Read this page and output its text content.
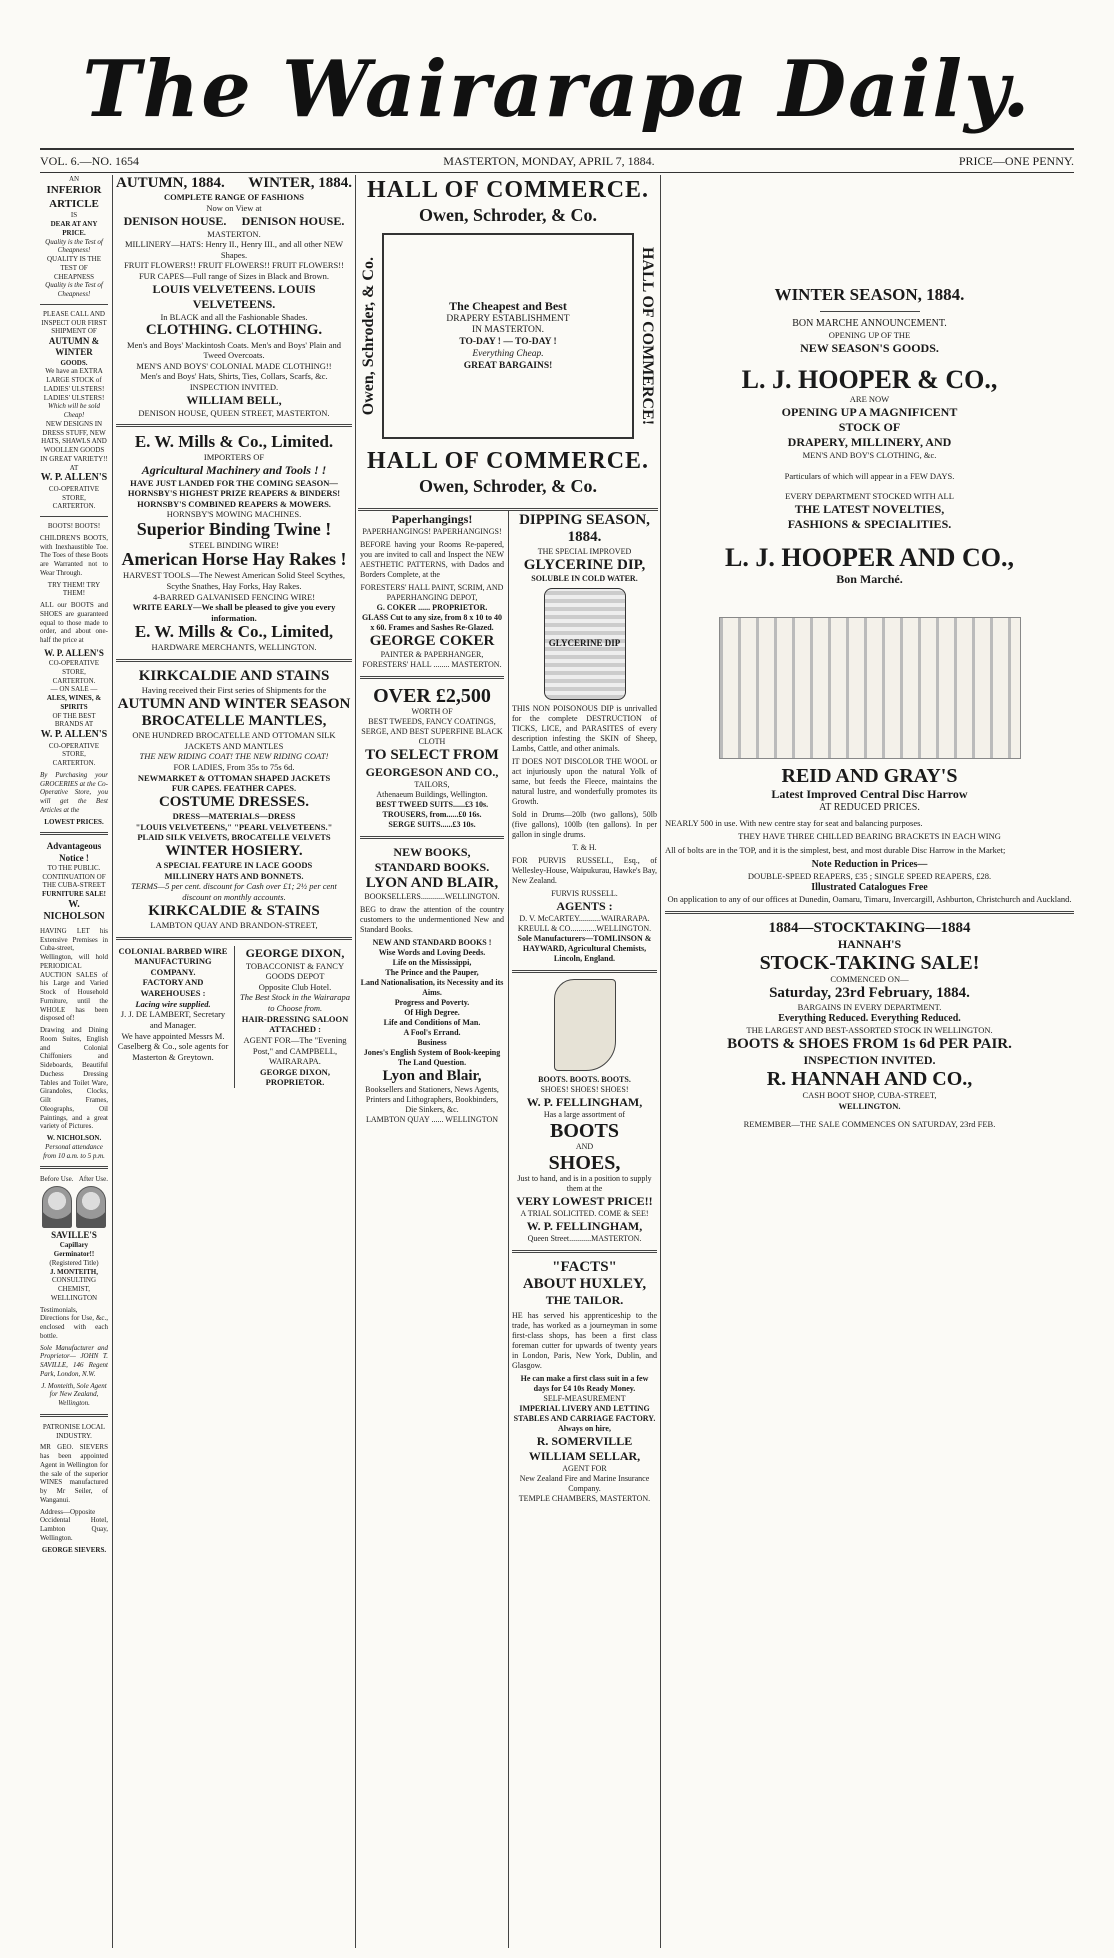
The Wairarapa Daily.
VOL. 6.—NO. 1654	MASTERTON, MONDAY, APRIL 7, 1884.	PRICE—ONE PENNY.
AN
INFERIOR
ARTICLE
IS
DEAR AT ANY PRICE.
Quality is the Test of Cheapness!
QUALITY IS THE TEST OF CHEAPNESS
Quality is the Test of Cheapness!
PLEASE CALL AND INSPECT OUR FIRST SHIPMENT OF
AUTUMN & WINTER
GOODS.
We have an EXTRA LARGE STOCK of LADIES' ULSTERS! LADIES' ULSTERS!
Which will be sold Cheap!
NEW DESIGNS IN DRESS STUFF, NEW HATS, SHAWLS AND WOOLLEN GOODS
IN GREAT VARIETY!! AT
W. P. ALLEN'S
CO-OPERATIVE STORE, CARTERTON.
BOOTS! BOOTS!
CHILDREN'S BOOTS, with Inexhaustible Toe. The Toes of these Boots are Warranted not to Wear Through.
TRY THEM! TRY THEM!
ALL our BOOTS and SHOES are guaranteed equal to those made to order, and about one-half the price at
W. P. ALLEN'S
CO-OPERATIVE STORE, CARTERTON.
— ON SALE —
ALES, WINES, & SPIRITS
OF THE BEST BRANDS AT
W. P. ALLEN'S
CO-OPERATIVE STORE, CARTERTON.
By Purchasing your GROCERIES at the Co-Operative Store, you will get the Best Articles at the
LOWEST PRICES.
Advantageous Notice !
TO THE PUBLIC.
CONTINUATION OF THE CUBA-STREET
FURNITURE SALE!
W. NICHOLSON
HAVING LET his Extensive Premises in Cuba-street, Wellington, will hold PERIODICAL AUCTION SALES of his Large and Varied Stock of Household Furniture, until the WHOLE has been disposed of!
Drawing and Dining Room Suites, English and Colonial Chiffoniers and Sideboards, Beautiful Duchess Dressing Tables and Toilet Ware, Girandoles, Clocks, Gilt Frames, Oleographs, Oil Paintings, and a great variety of Pictures.
W. NICHOLSON.
Personal attendance from 10 a.m. to 5 p.m.
Before Use. After Use.
SAVILLE'S
Capillary Germinator!!
(Registered Title)
J. MONTEITH,
CONSULTING CHEMIST, WELLINGTON
Testimonials, Directions for Use, &c., enclosed with each bottle.
Sole Manufacturer and Proprietor— JOHN T. SAVILLE, 146 Regent Park, London, N.W.
J. Monteith, Sole Agent for New Zealand, Wellington.
PATRONISE LOCAL INDUSTRY.
MR GEO. SIEVERS has been appointed Agent in Wellington for the sale of the superior WINES manufactured by Mr Seiler, of Wanganui.
Address—Opposite Occidental Hotel, Lambton Quay, Wellington.
GEORGE SIEVERS.
AUTUMN, 1884. WINTER, 1884.
COMPLETE RANGE OF FASHIONS
Now on View at
DENISON HOUSE. DENISON HOUSE.
MASTERTON.
MILLINERY—HATS: Henry II., Henry III., and all other NEW Shapes.
FRUIT FLOWERS!! FRUIT FLOWERS!! FRUIT FLOWERS!!
FUR CAPES—Full range of Sizes in Black and Brown.
LOUIS VELVETEENS. LOUIS VELVETEENS.
In BLACK and all the Fashionable Shades.
CLOTHING. CLOTHING.
Men's and Boys' Mackintosh Coats. Men's and Boys' Plain and Tweed Overcoats.
MEN'S AND BOYS' COLONIAL MADE CLOTHING!!
Men's and Boys' Hats, Shirts, Ties, Collars, Scarfs, &c. INSPECTION INVITED.
WILLIAM BELL,
DENISON HOUSE, QUEEN STREET, MASTERTON.
E. W. Mills & Co., Limited.
IMPORTERS OF
Agricultural Machinery and Tools ! !
HAVE JUST LANDED FOR THE COMING SEASON—
HORNSBY'S HIGHEST PRIZE REAPERS & BINDERS!
HORNSBY'S COMBINED REAPERS & MOWERS.
HORNSBY'S MOWING MACHINES.
Superior Binding Twine !
STEEL BINDING WIRE!
American Horse Hay Rakes !
HARVEST TOOLS—The Newest American Solid Steel Scythes, Scythe Snathes, Hay Forks, Hay Rakes.
4-BARRED GALVANISED FENCING WIRE!
WRITE EARLY—We shall be pleased to give you every information.
E. W. Mills & Co., Limited,
HARDWARE MERCHANTS, WELLINGTON.
KIRKCALDIE AND STAINS
Having received their First series of Shipments for the
AUTUMN AND WINTER SEASON
BROCATELLE MANTLES,
ONE HUNDRED BROCATELLE AND OTTOMAN SILK JACKETS AND MANTLES
THE NEW RIDING COAT! THE NEW RIDING COAT!
FOR LADIES, From 35s to 75s 6d.
NEWMARKET & OTTOMAN SHAPED JACKETS
FUR CAPES. FEATHER CAPES.
COSTUME DRESSES.
DRESS—MATERIALS—DRESS
"LOUIS VELVETEENS," "PEARL VELVETEENS."
PLAID SILK VELVETS, BROCATELLE VELVETS
WINTER HOSIERY.
A SPECIAL FEATURE IN LACE GOODS
MILLINERY HATS AND BONNETS.
TERMS—5 per cent. discount for Cash over £1; 2½ per cent discount on monthly accounts.
KIRKCALDIE & STAINS
LAMBTON QUAY AND BRANDON-STREET,
COLONIAL BARBED WIRE MANUFACTURING COMPANY.
FACTORY AND WAREHOUSES :
Lacing wire supplied.
J. J. DE LAMBERT, Secretary and Manager.
We have appointed Messrs M. Caselberg & Co., sole agents for Masterton & Greytown.
GEORGE DIXON,
TOBACCONIST & FANCY GOODS DEPOT
Opposite Club Hotel.
The Best Stock in the Wairarapa to Choose from.
HAIR-DRESSING SALOON ATTACHED :
AGENT FOR—The "Evening Post," and CAMPBELL, WAIRARAPA.
GEORGE DIXON, PROPRIETOR.
HALL OF COMMERCE.
Owen, Schroder, & Co.
Owen, Schroder, & Co.	The Cheapest and Best
DRAPERY ESTABLISHMENT
IN MASTERTON.
TO-DAY ! — TO-DAY !
Everything Cheap.
GREAT BARGAINS!	HALL OF COMMERCE!
HALL OF COMMERCE.
Owen, Schroder, & Co.
Paperhangings!
PAPERHANGINGS! PAPERHANGINGS!
BEFORE having your Rooms Re-papered, you are invited to call and Inspect the NEW AESTHETIC PATTERNS, with Dados and Borders Complete, at the
FORESTERS' HALL PAINT, SCRIM, AND PAPERHANGING DEPOT,
G. COKER ...... PROPRIETOR.
GLASS Cut to any size, from 8 x 10 to 40 x 60. Frames and Sashes Re-Glazed.
GEORGE COKER
PAINTER & PAPERHANGER,
FORESTERS' HALL ........ MASTERTON.
OVER £2,500
WORTH OF
BEST TWEEDS, FANCY COATINGS, SERGE, AND BEST SUPERFINE BLACK CLOTH
TO SELECT FROM
GEORGESON AND CO.,
TAILORS,
Athenaeum Buildings, Wellington.
BEST TWEED SUITS......£3 10s.
TROUSERS, from......£0 16s.
SERGE SUITS......£3 10s.
NEW BOOKS, STANDARD BOOKS.
LYON AND BLAIR,
BOOKSELLERS............WELLINGTON.
BEG to draw the attention of the country customers to the undermentioned New and Standard Books.
NEW AND STANDARD BOOKS !
Wise Words and Loving Deeds.
Life on the Mississippi,
The Prince and the Pauper,
Land Nationalisation, its Necessity and its Aims.
Progress and Poverty.
Of High Degree.
Life and Conditions of Man.
A Fool's Errand.
Business
Jones's English System of Book-keeping
The Land Question.
Lyon and Blair,
Booksellers and Stationers, News Agents, Printers and Lithographers, Bookbinders, Die Sinkers, &c.
LAMBTON QUAY ...... WELLINGTON
DIPPING SEASON, 1884.
THE SPECIAL IMPROVED
GLYCERINE DIP,
SOLUBLE IN COLD WATER.
GLYCERINE DIP
THIS NON POISONOUS DIP is unrivalled for the complete DESTRUCTION of TICKS, LICE, and PARASITES of every description infesting the SKIN of Sheep, Lambs, Cattle, and other animals.
IT DOES NOT DISCOLOR THE WOOL or act injuriously upon the natural Yolk of same, but feeds the Fleece, maintains the natural lustre, and wonderfully promotes its Growth.
Sold in Drums—20lb (two gallons), 50lb (five gallons), 100lb (ten gallons). In per gallon in single drums.
T. & H.
FOR PURVIS RUSSELL, Esq., of Wellesley-House, Waipukurau, Hawke's Bay, New Zealand.
FURVIS RUSSELL.
AGENTS :
D. V. McCARTEY...........WAIRARAPA.
KREULL & CO.............WELLINGTON.
Sole Manufacturers—TOMLINSON & HAYWARD, Agricultural Chemists, Lincoln, England.
BOOTS. BOOTS. BOOTS.
SHOES! SHOES! SHOES!
W. P. FELLINGHAM,
Has a large assortment of
BOOTS
AND
SHOES,
Just to hand, and is in a position to supply them at the
VERY LOWEST PRICE!!
A TRIAL SOLICITED. COME & SEE!
W. P. FELLINGHAM,
Queen Street...........MASTERTON.
"FACTS"
ABOUT HUXLEY,
THE TAILOR.
HE has served his apprenticeship to the trade, has worked as a journeyman in some first-class shops, has been a first class foreman cutter for upwards of twenty years in London, Paris, New York, Dublin, and Glasgow.
He can make a first class suit in a few days for £4 10s Ready Money.
SELF-MEASUREMENT
IMPERIAL LIVERY AND LETTING STABLES AND CARRIAGE FACTORY.
Always on hire,
R. SOMERVILLE
WILLIAM SELLAR,
AGENT FOR
New Zealand Fire and Marine Insurance Company.
TEMPLE CHAMBERS, MASTERTON.
WINTER SEASON, 1884.
BON MARCHE ANNOUNCEMENT.
OPENING UP OF THE
NEW SEASON'S GOODS.
L. J. HOOPER & CO.,
ARE NOW
OPENING UP A MAGNIFICENT
STOCK OF
DRAPERY, MILLINERY, AND
MEN'S AND BOY'S CLOTHING, &c.
Particulars of which will appear in a FEW DAYS.
EVERY DEPARTMENT STOCKED WITH ALL
THE LATEST NOVELTIES,
FASHIONS & SPECIALITIES.
L. J. HOOPER AND CO.,
Bon Marché.
REID AND GRAY'S
Latest Improved Central Disc Harrow
AT REDUCED PRICES.
NEARLY 500 in use. With new centre stay for seat and balancing purposes.
THEY HAVE THREE CHILLED BEARING BRACKETS IN EACH WING
All of bolts are in the TOP, and it is the simplest, best, and most durable Disc Harrow in the Market;
Note Reduction in Prices—
DOUBLE-SPEED REAPERS, £35 ; SINGLE SPEED REAPERS, £28.
Illustrated Catalogues Free
On application to any of our offices at Dunedin, Oamaru, Timaru, Invercargill, Ashburton, Christchurch and Auckland.
1884—STOCKTAKING—1884
HANNAH'S
STOCK-TAKING SALE!
COMMENCED ON—
Saturday, 23rd February, 1884.
BARGAINS IN EVERY DEPARTMENT.
Everything Reduced. Everything Reduced.
THE LARGEST AND BEST-ASSORTED STOCK IN WELLINGTON.
BOOTS & SHOES FROM 1s 6d PER PAIR.
INSPECTION INVITED.
R. HANNAH AND CO.,
CASH BOOT SHOP, CUBA-STREET,
WELLINGTON.
REMEMBER—THE SALE COMMENCES ON SATURDAY, 23rd FEB.
